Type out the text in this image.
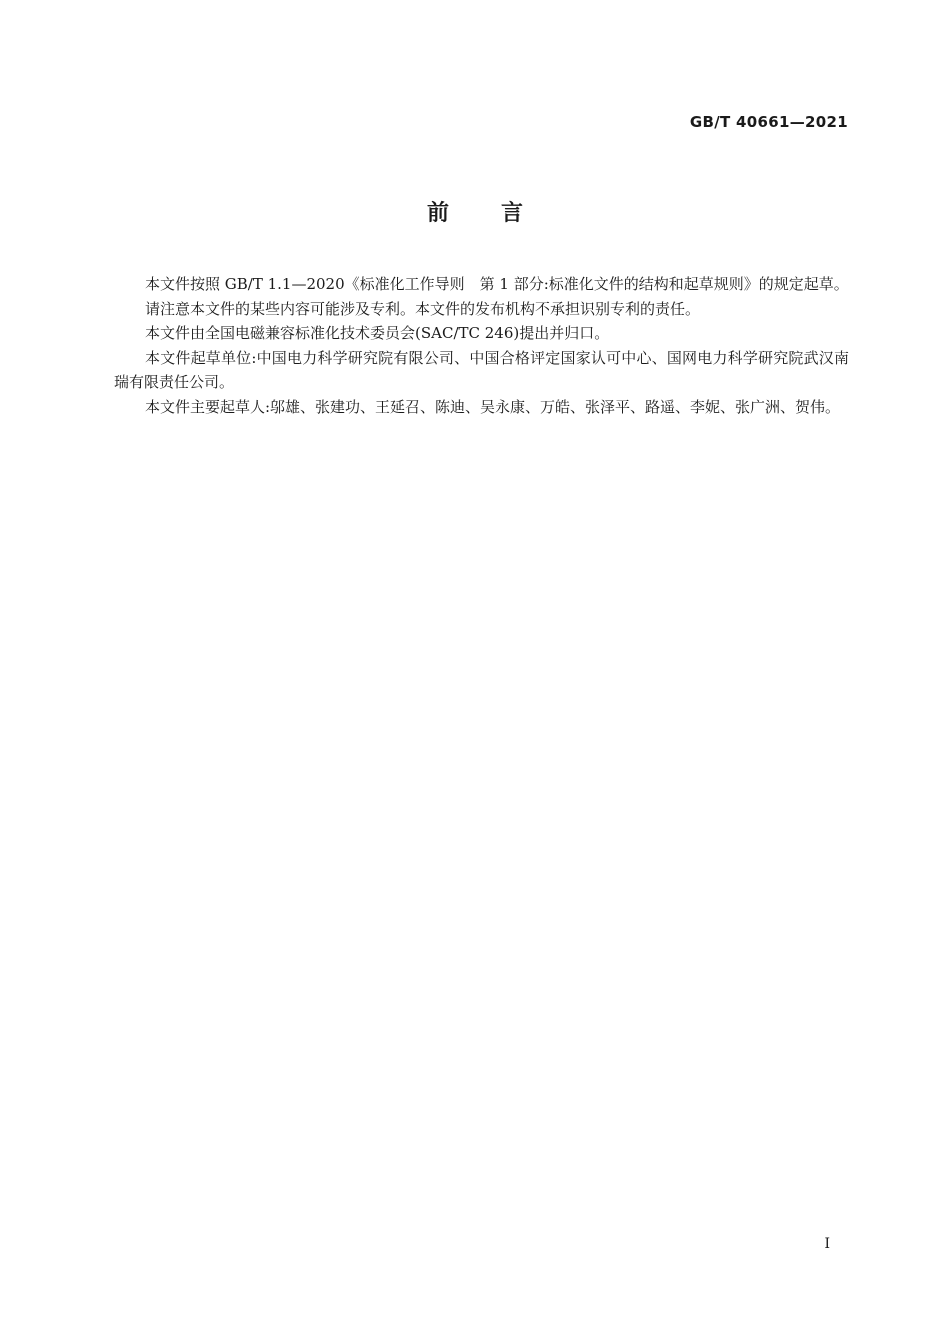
GB/T 40661—2021
前 言

本文件按照 GB/T 1.1—2020《标准化工作导则　第 1 部分:标准化文件的结构和起草规则》的规定起草。

请注意本文件的某些内容可能涉及专利。本文件的发布机构不承担识别专利的责任。

本文件由全国电磁兼容标准化技术委员会(SAC/TC 246)提出并归口。

本文件起草单位:中国电力科学研究院有限公司、中国合格评定国家认可中心、国网电力科学研究院武汉南瑞有限责任公司。

本文件主要起草人:邬雄、张建功、王延召、陈迪、吴永康、万皓、张泽平、路遥、李妮、张广洲、贺伟。

I
